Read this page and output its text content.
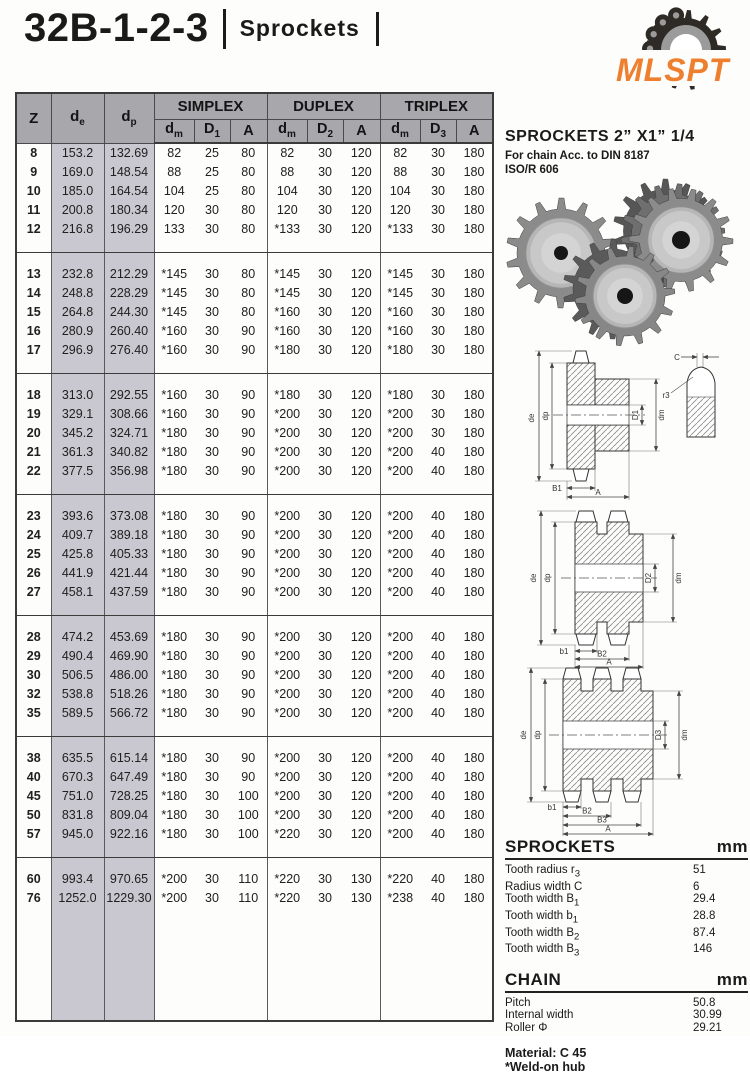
32B-1-2-3 Sprockets
MLSPT
Z	$d_e$	$d_p$	SIMPLEX			DUPLEX			TRIPLEX		
			$d_m$	$D_1$	A	$d_m$	$D_2$	A	$d_m$	$D_3$	A
8	153.2	132.69	82	25	80	82	30	120	82	30	180
9	169.0	148.54	88	25	80	88	30	120	88	30	180
10	185.0	164.54	104	25	80	104	30	120	104	30	180
11	200.8	180.34	120	30	80	120	30	120	120	30	180
12	216.8	196.29	133	30	80	*133	30	120	*133	30	180

13	232.8	212.29	*145	30	80	*145	30	120	*145	30	180
14	248.8	228.29	*145	30	80	*145	30	120	*145	30	180
15	264.8	244.30	*145	30	80	*160	30	120	*160	30	180
16	280.9	260.40	*160	30	90	*160	30	120	*160	30	180
17	296.9	276.40	*160	30	90	*180	30	120	*180	30	180

18	313.0	292.55	*160	30	90	*180	30	120	*180	30	180
19	329.1	308.66	*160	30	90	*200	30	120	*200	30	180
20	345.2	324.71	*180	30	90	*200	30	120	*200	30	180
21	361.3	340.82	*180	30	90	*200	30	120	*200	40	180
22	377.5	356.98	*180	30	90	*200	30	120	*200	40	180

23	393.6	373.08	*180	30	90	*200	30	120	*200	40	180
24	409.7	389.18	*180	30	90	*200	30	120	*200	40	180
25	425.8	405.33	*180	30	90	*200	30	120	*200	40	180
26	441.9	421.44	*180	30	90	*200	30	120	*200	40	180
27	458.1	437.59	*180	30	90	*200	30	120	*200	40	180

28	474.2	453.69	*180	30	90	*200	30	120	*200	40	180
29	490.4	469.90	*180	30	90	*200	30	120	*200	40	180
30	506.5	486.00	*180	30	90	*200	30	120	*200	40	180
32	538.8	518.26	*180	30	90	*200	30	120	*200	40	180
35	589.5	566.72	*180	30	90	*200	30	120	*200	40	180

38	635.5	615.14	*180	30	90	*200	30	120	*200	40	180
40	670.3	647.49	*180	30	90	*200	30	120	*200	40	180
45	751.0	728.25	*180	30	100	*200	30	120	*200	40	180
50	831.8	809.04	*180	30	100	*200	30	120	*200	40	180
57	945.0	922.16	*180	30	100	*220	30	120	*200	40	180

60	993.4	970.65	*200	30	110	*220	30	130	*220	40	180
76	1252.0	1229.30	*200	30	110	*220	30	130	*238	40	180

SPROCKETS 2” X1” 1/4
For chain Acc. to DIN 8187
ISO/R 606
de dp	D1 dm
B1	A
C
r3
de dp	D2	dm
b1	B2
A
de dp	D3 dm
b1	B2
B3
A
SPROCKETS	mm
Tooth radius $r_3$	51
Radius width C	6
Tooth width $B_1$	29.4
Tooth width $b_1$	28.8
Tooth width $B_2$	87.4
Tooth width $B_3$	146
CHAIN	mm
Pitch	50.8
Internal width	30.99
Roller Φ	29.21
Material: C 45
*Weld-on hub
